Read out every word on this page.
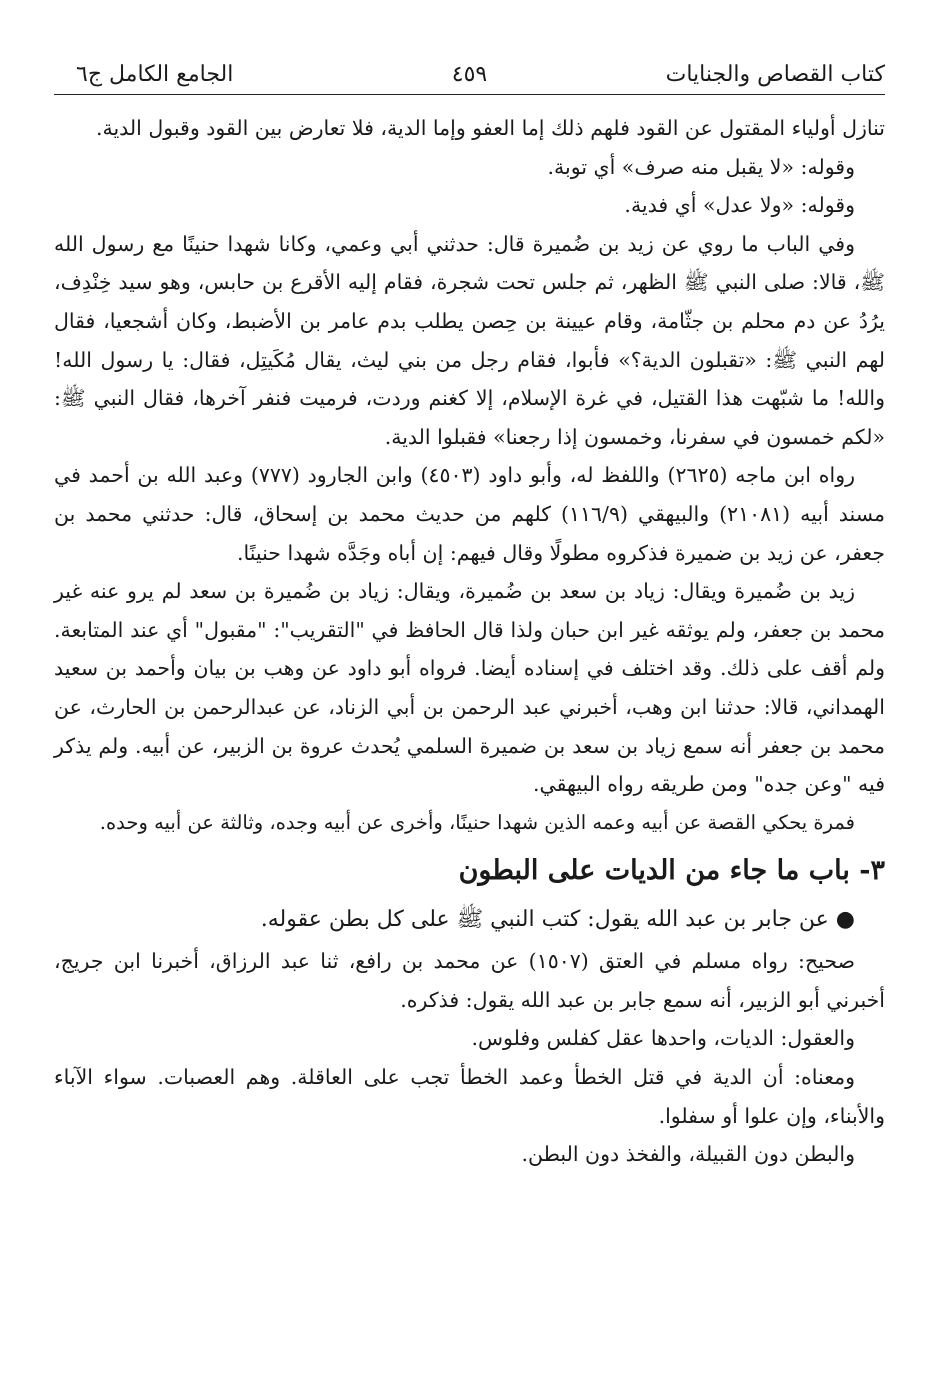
كتاب القصاص والجنايات
٤٥٩
الجامع الكامل ج٦

تنازل أولياء المقتول عن القود فلهم ذلك إما العفو وإما الدية، فلا تعارض بين القود وقبول الدية.

وقوله: «لا يقبل منه صرف» أي توبة.

وقوله: «ولا عدل» أي فدية.

وفي الباب ما روي عن زيد بن ضُميرة قال: حدثني أبي وعمي، وكانا شهدا حنينًا مع رسول الله ﷺ، قالا: صلى النبي ﷺ الظهر، ثم جلس تحت شجرة، فقام إليه الأقرع بن حابس، وهو سيد خِنْدِف، يرُدُ عن دم محلم بن جثّامة، وقام عيينة بن حِصن يطلب بدم عامر بن الأضبط، وكان أشجعيا، فقال لهم النبي ﷺ: «تقبلون الدية؟» فأبوا، فقام رجل من بني ليث، يقال مُكَيتِل، فقال: يا رسول الله! والله! ما شبّهت هذا القتيل، في غرة الإسلام، إلا كغنم وردت، فرميت فنفر آخرها، فقال النبي ﷺ: «لكم خمسون في سفرنا، وخمسون إذا رجعنا» فقبلوا الدية.

رواه ابن ماجه (٢٦٢٥) واللفظ له، وأبو داود (٤٥٠٣) وابن الجارود (٧٧٧) وعبد الله بن أحمد في مسند أبيه (٢١٠٨١) والبيهقي (١١٦/٩) كلهم من حديث محمد بن إسحاق، قال: حدثني محمد بن جعفر، عن زيد بن ضميرة فذكروه مطولًا وقال فيهم: إن أباه وجَدَّه شهدا حنينًا.

زيد بن ضُميرة ويقال: زياد بن سعد بن ضُميرة، ويقال: زياد بن ضُميرة بن سعد لم يرو عنه غير محمد بن جعفر، ولم يوثقه غير ابن حبان ولذا قال الحافظ في "التقريب": "مقبول" أي عند المتابعة. ولم أقف على ذلك. وقد اختلف في إسناده أيضا. فرواه أبو داود عن وهب بن بيان وأحمد بن سعيد الهمداني، قالا: حدثنا ابن وهب، أخبرني عبد الرحمن بن أبي الزناد، عن عبدالرحمن بن الحارث، عن محمد بن جعفر أنه سمع زياد بن سعد بن ضميرة السلمي يُحدث عروة بن الزبير، عن أبيه. ولم يذكر فيه "وعن جده" ومن طريقه رواه البيهقي.

فمرة يحكي القصة عن أبيه وعمه الذين شهدا حنينًا، وأخرى عن أبيه وجده، وثالثة عن أبيه وحده.

٣- باب ما جاء من الديات على البطون

● عن جابر بن عبد الله يقول: كتب النبي ﷺ على كل بطن عقوله.

صحيح: رواه مسلم في العتق (١٥٠٧) عن محمد بن رافع، ثنا عبد الرزاق، أخبرنا ابن جريج، أخبرني أبو الزبير، أنه سمع جابر بن عبد الله يقول: فذكره.

والعقول: الديات، واحدها عقل كفلس وفلوس.

ومعناه: أن الدية في قتل الخطأ وعمد الخطأ تجب على العاقلة. وهم العصبات. سواء الآباء والأبناء، وإن علوا أو سفلوا.

والبطن دون القبيلة، والفخذ دون البطن.
